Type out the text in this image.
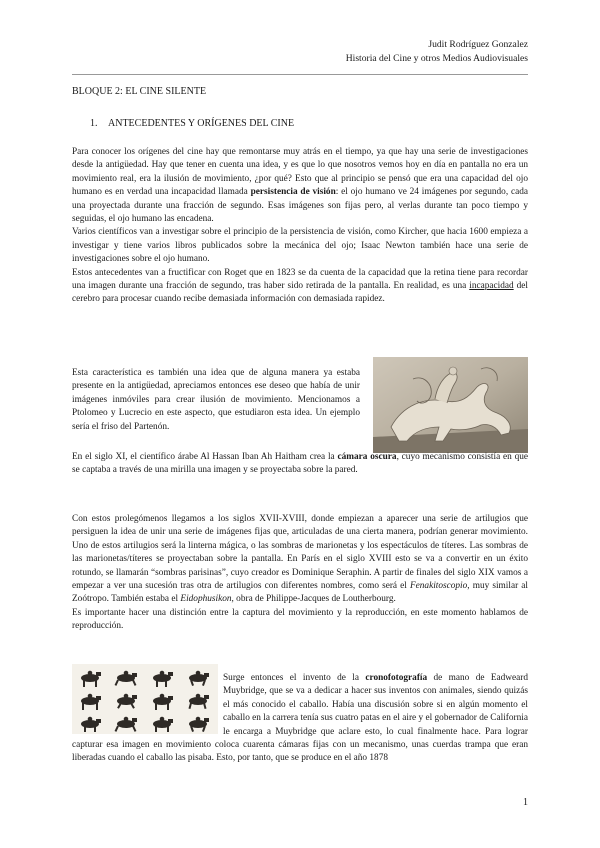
Judit Rodríguez Gonzalez
Historia del Cine y otros Medios Audiovisuales
BLOQUE 2: EL CINE SILENTE
1. ANTECEDENTES Y ORÍGENES DEL CINE

Para conocer los orígenes del cine hay que remontarse muy atrás en el tiempo, ya que hay una serie de investigaciones desde la antigüedad. Hay que tener en cuenta una idea, y es que lo que nosotros vemos hoy en día en pantalla no era un movimiento real, era la ilusión de movimiento, ¿por qué? Esto que al principio se pensó que era una capacidad del ojo humano es en verdad una incapacidad llamada persistencia de visión: el ojo humano ve 24 imágenes por segundo, cada una proyectada durante una fracción de segundo. Esas imágenes son fijas pero, al verlas durante tan poco tiempo y seguidas, el ojo humano las encadena.

Varios científicos van a investigar sobre el principio de la persistencia de visión, como Kircher, que hacia 1600 empieza a investigar y tiene varios libros publicados sobre la mecánica del ojo; Isaac Newton también hace una serie de investigaciones sobre el ojo humano.

Estos antecedentes van a fructificar con Roget que en 1823 se da cuenta de la capacidad que la retina tiene para recordar una imagen durante una fracción de segundo, tras haber sido retirada de la pantalla. En realidad, es una incapacidad del cerebro para procesar cuando recibe demasiada información con demasiada rapidez.

Esta característica es también una idea que de alguna manera ya estaba presente en la antigüedad, apreciamos entonces ese deseo que había de unir imágenes inmóviles para crear ilusión de movimiento. Mencionamos a Ptolomeo y Lucrecio en este aspecto, que estudiaron esta idea. Un ejemplo sería el friso del Partenón.
En el siglo XI, el científico árabe Al Hassan Iban Ah Haitham crea la cámara oscura, cuyo mecanismo consistía en que se captaba a través de una mirilla una imagen y se proyectaba sobre la pared.

Con estos prolegómenos llegamos a los siglos XVII-XVIII, donde empiezan a aparecer una serie de artilugios que persiguen la idea de unir una serie de imágenes fijas que, articuladas de una cierta manera, podrían generar movimiento. Uno de estos artilugios será la linterna mágica, o las sombras de marionetas y los espectáculos de títeres. Las sombras de las marionetas/títeres se proyectaban sobre la pantalla. En París en el siglo XVIII esto se va a convertir en un éxito rotundo, se llamarán “sombras parisinas”, cuyo creador es Dominique Seraphin. A partir de finales del siglo XIX vamos a empezar a ver una sucesión tras otra de artilugios con diferentes nombres, como será el Fenakitoscopio, muy similar al Zoótropo. También estaba el Eidophusikon, obra de Philippe-Jacques de Loutherbourg.

Es importante hacer una distinción entre la captura del movimiento y la reproducción, en este momento hablamos de reproducción.

Surge entonces el invento de la cronofotografía de mano de Eadweard Muybridge, que se va a dedicar a hacer sus inventos con animales, siendo quizás el más conocido el caballo. Había una discusión sobre si en algún momento el caballo en la carrera tenía sus cuatro patas en el aire y el gobernador de California le encarga a Muybridge que aclare esto, lo cual finalmente hace. Para lograr capturar esa imagen en movimiento coloca cuarenta cámaras fijas con un mecanismo, unas cuerdas trampa que eran liberadas cuando el caballo las pisaba. Esto, por tanto, que se produce en el año 1878
1
